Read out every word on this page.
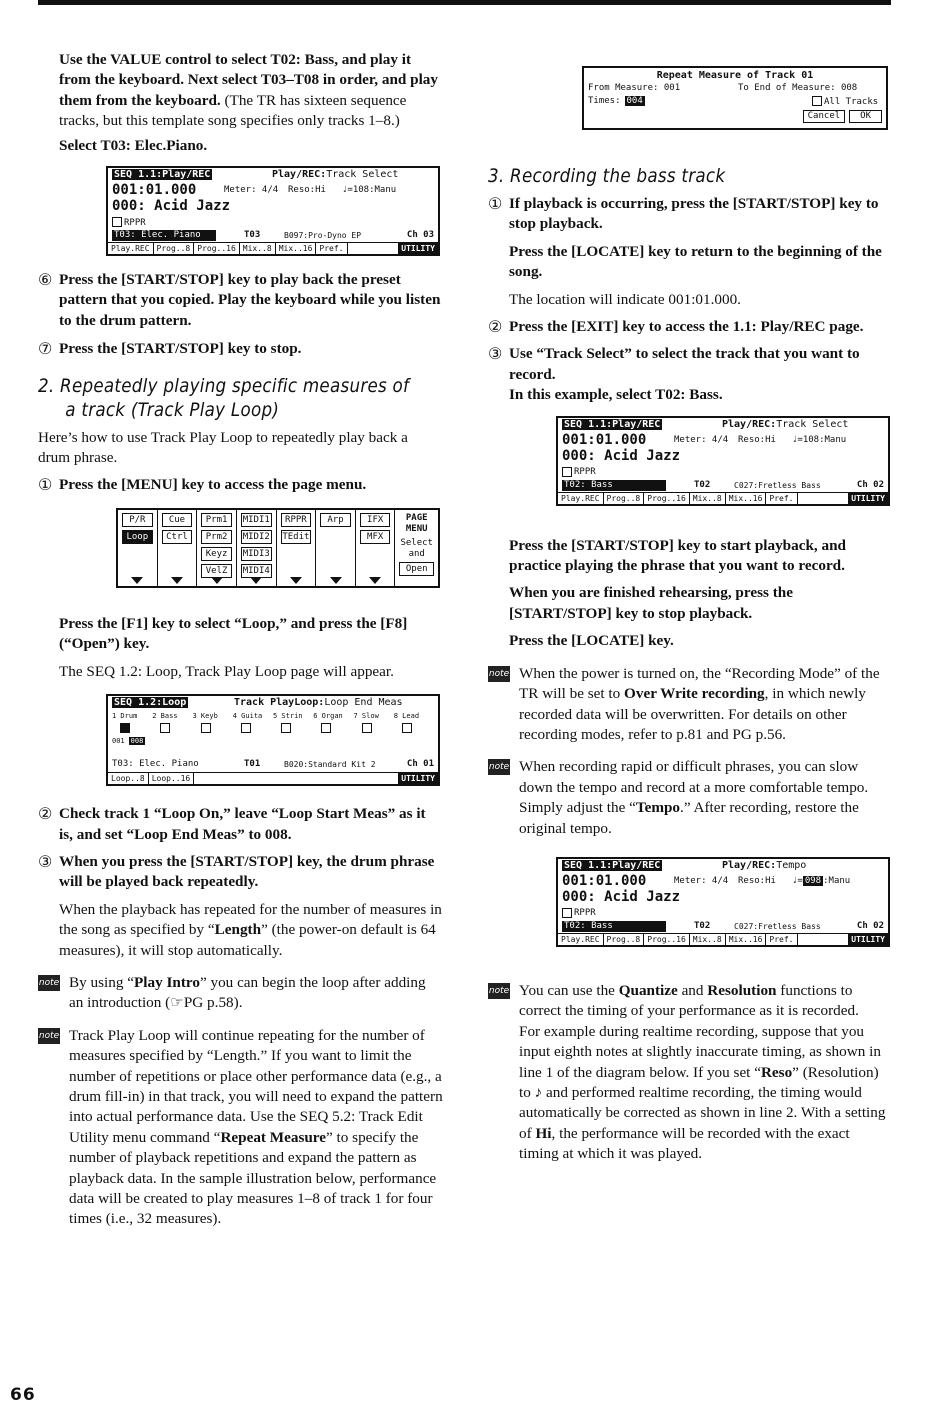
Use the VALUE control to select T02: Bass, and play it from the keyboard. Next select T03–T08 in order, and play them from the keyboard. (The TR has sixteen sequence tracks, but this template song specifies only tracks 1–8.)

Select T03: Elec.Piano.

SEQ 1.1:Play/REC	Play/REC:Track Select
001:01.000	Meter: 4/4 Reso:Hi ♩=108:Manu
000: Acid Jazz
RPPR
T03: Elec. Piano	T03	B097:Pro-Dyno EP	Ch 03
Play.REC Prog..8 Prog..16 Mix..8 Mix..16 Pref.	UTILITY
⑥ Press the [START/STOP] key to play back the preset pattern that you copied. Play the keyboard while you listen to the drum pattern.

⑦ Press the [START/STOP] key to stop.

2. Repeatedly playing specific measures of
a track (Track Play Loop)

Here’s how to use Track Play Loop to repeatedly play back a drum phrase.

① Press the [MENU] key to access the page menu.

P/R
Loop
Cue
Ctrl
Prm1
Prm2
Keyz
VelZ
MIDI1
MIDI2
MIDI3
MIDI4
RPPR
TEdit
Arp	IFX
MFX
PAGE
MENU
Select
and
Open

Press the [F1] key to select “Loop,” and press the [F8] (“Open”) key.

The SEQ 1.2: Loop, Track Play Loop page will appear.

SEQ 1.2:Loop	Track PlayLoop:Loop End Meas
1 Drum	2 Bass	3 Keyb	4 Guita	5 Strin	6 Organ	7 Slow	8 Lead

001 008
T03: Elec. Piano	T01	B020:Standard Kit 2	Ch 01
Loop..8 Loop..16	UTILITY
② Check track 1 “Loop On,” leave “Loop Start Meas” as it is, and set “Loop End Meas” to 008.

③ When you press the [START/STOP] key, the drum phrase will be played back repeatedly.

When the playback has repeated for the number of measures in the song as specified by “Length” (the power-on default is 64 measures), it will stop automatically.

note By using “Play Intro” you can begin the loop after adding an introduction (☞PG p.58).

note Track Play Loop will continue repeating for the number of measures specified by “Length.” If you want to limit the number of repetitions or place other performance data (e.g., a drum fill-in) in that track, you will need to expand the pattern into actual performance data. Use the SEQ 5.2: Track Edit Utility menu command “Repeat Measure” to specify the number of playback repetitions and expand the pattern as playback data. In the sample illustration below, performance data will be created to play measures 1–8 of track 1 for four times (i.e., 32 measures).

Repeat Measure of Track 01
From Measure: 001	To End of Measure: 008
Times: 004	All Tracks
Cancel OK
3. Recording the bass track
① If playback is occurring, press the [START/STOP] key to stop playback.

Press the [LOCATE] key to return to the beginning of the song.

The location will indicate 001:01.000.

② Press the [EXIT] key to access the 1.1: Play/REC page.

③ Use “Track Select” to select the track that you want to record.

In this example, select T02: Bass.

SEQ 1.1:Play/REC	Play/REC:Track Select
001:01.000	Meter: 4/4 Reso:Hi ♩=108:Manu
000: Acid Jazz
RPPR
T02: Bass	T02	C027:Fretless Bass	Ch 02
Play.REC Prog..8 Prog..16 Mix..8 Mix..16 Pref.	UTILITY

Press the [START/STOP] key to start playback, and practice playing the phrase that you want to record.

When you are finished rehearsing, press the [START/STOP] key to stop playback.

Press the [LOCATE] key.

note When the power is turned on, the “Recording Mode” of the TR will be set to Over Write recording, in which newly recorded data will be overwritten. For details on other recording modes, refer to p.81 and PG p.56.

note When recording rapid or difficult phrases, you can slow down the tempo and record at a more comfortable tempo. Simply adjust the “Tempo.” After recording, restore the original tempo.

SEQ 1.1:Play/REC	Play/REC:Tempo
001:01.000	Meter: 4/4 Reso:Hi ♩= 098 :Manu
000: Acid Jazz
RPPR
T02: Bass	T02	C027:Fretless Bass	Ch 02
Play.REC Prog..8 Prog..16 Mix..8 Mix..16 Pref.	UTILITY
note You can use the Quantize and Resolution functions to correct the timing of your performance as it is recorded.

For example during realtime recording, suppose that you input eighth notes at slightly inaccurate timing, as shown in line 1 of the diagram below. If you set “Reso” (Resolution) to ♪ and performed realtime recording, the timing would automatically be corrected as shown in line 2. With a setting of Hi, the performance will be recorded with the exact timing at which it was played.

66
